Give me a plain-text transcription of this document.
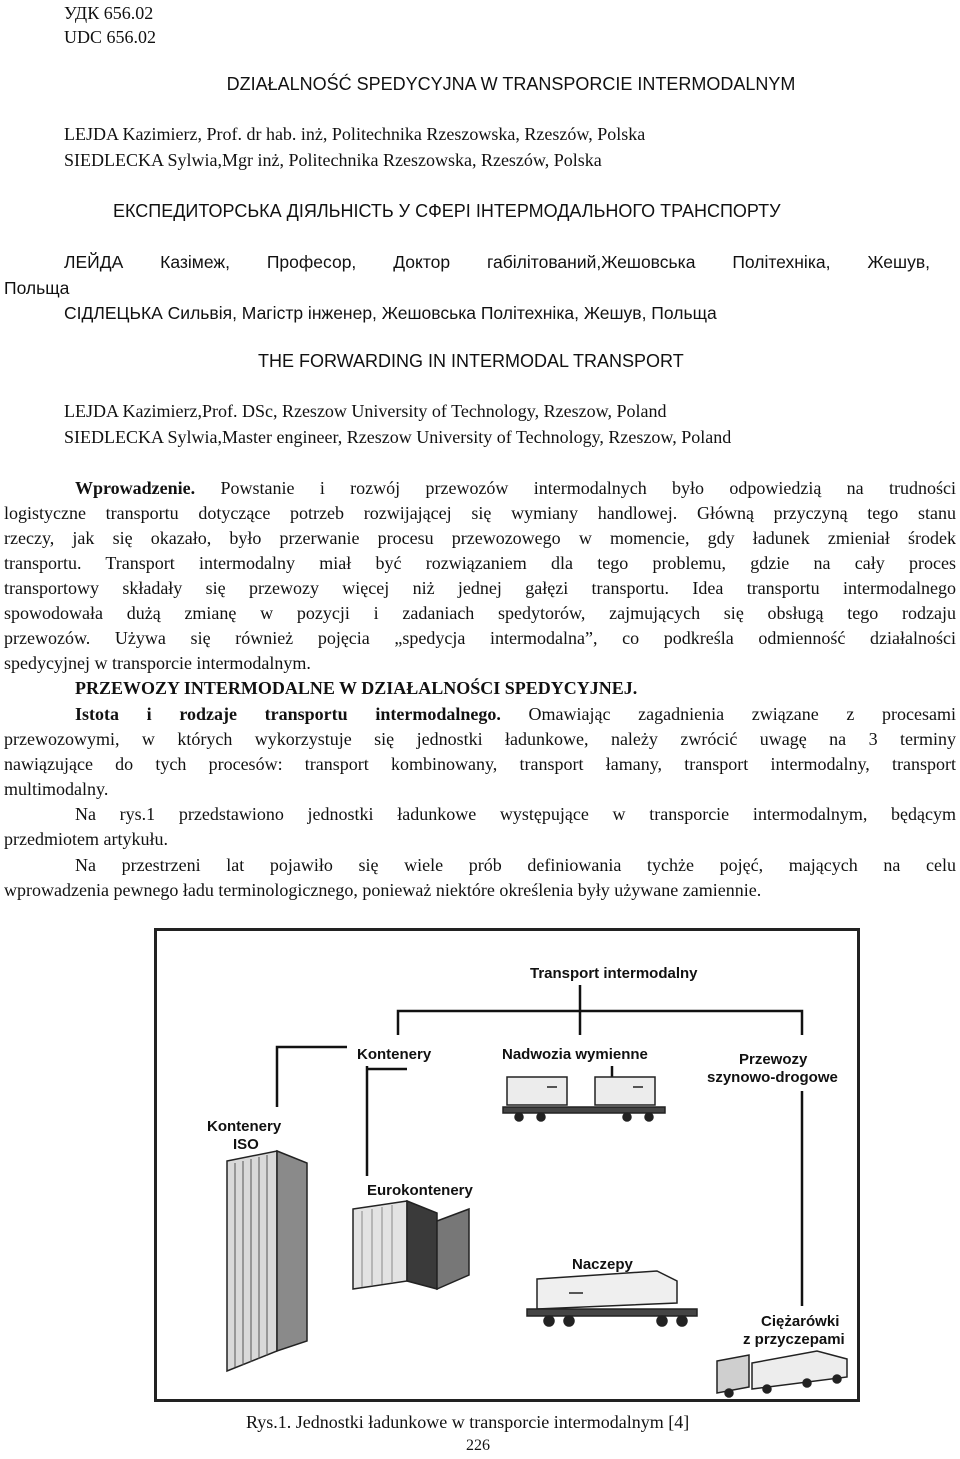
УДК 656.02
UDC 656.02
DZIAŁALNOŚĆ SPEDYCYJNA W TRANSPORCIE INTERMODALNYM
LEJDA Kazimierz, Prof. dr hab. inż, Politechnika Rzeszowska, Rzeszów, Polska
SIEDLECKA Sylwia,Mgr inż, Politechnika Rzeszowska, Rzeszów, Polska
ЕКСПЕДИТОРСЬКА ДІЯЛЬНІСТЬ У СФЕРІ ІНТЕРМОДАЛЬНОГО ТРАНСПОРТУ
ЛЕЙДА Казімеж, Професор, Доктор габілітований,Жешовська Політехніка, Жешув,
Польща
СІДЛЕЦЬКА Сильвія, Магістр інженер, Жешовська Політехніка, Жешув, Польща
THE FORWARDING IN INTERMODAL TRANSPORT
LEJDA Kazimierz,Prof. DSc, Rzeszow University of Technology, Rzeszow, Poland
SIEDLECKA Sylwia,Master engineer, Rzeszow University of Technology, Rzeszow, Poland
Wprowadzenie. Powstanie i rozwój przewozów intermodalnych było odpowiedzią na trudności
logistyczne transportu dotyczące potrzeb rozwijającej się wymiany handlowej. Główną przyczyną tego stanu
rzeczy, jak się okazało, było przerwanie procesu przewozowego w momencie, gdy ładunek zmieniał środek
transportu. Transport intermodalny miał być rozwiązaniem dla tego problemu, gdzie na cały proces
transportowy składały się przewozy więcej niż jednej gałęzi transportu. Idea transportu intermodalnego
spowodowała dużą zmianę w pozycji i zadaniach spedytorów, zajmujących się obsługą tego rodzaju
przewozów. Używa się również pojęcia „spedycja intermodalna”, co podkreśla odmienność działalności
spedycyjnej w transporcie intermodalnym.
PRZEWOZY INTERMODALNE W DZIAŁALNOŚCI SPEDYCYJNEJ.
Istota i rodzaje transportu intermodalnego. Omawiając zagadnienia związane z procesami
przewozowymi, w których wykorzystuje się jednostki ładunkowe, należy zwrócić uwagę na 3 terminy
nawiązujące do tych procesów: transport kombinowany, transport łamany, transport intermodalny, transport
multimodalny.
Na rys.1 przedstawiono jednostki ładunkowe występujące w transporcie intermodalnym, będącym
przedmiotem artykułu.
Na przestrzeni lat pojawiło się wiele prób definiowania tychże pojęć, mających na celu
wprowadzenia pewnego ładu terminologicznego, ponieważ niektóre określenia były używane zamiennie.
Transport intermodalny
Kontenery	Nadwozia wymienne	Przewozy
szynowo-drogowe
Kontenery
ISO
Eurokontenery
Naczepy
Ciężarówki
z przyczepami
Rys.1. Jednostki ładunkowe w transporcie intermodalnym [4]
226
